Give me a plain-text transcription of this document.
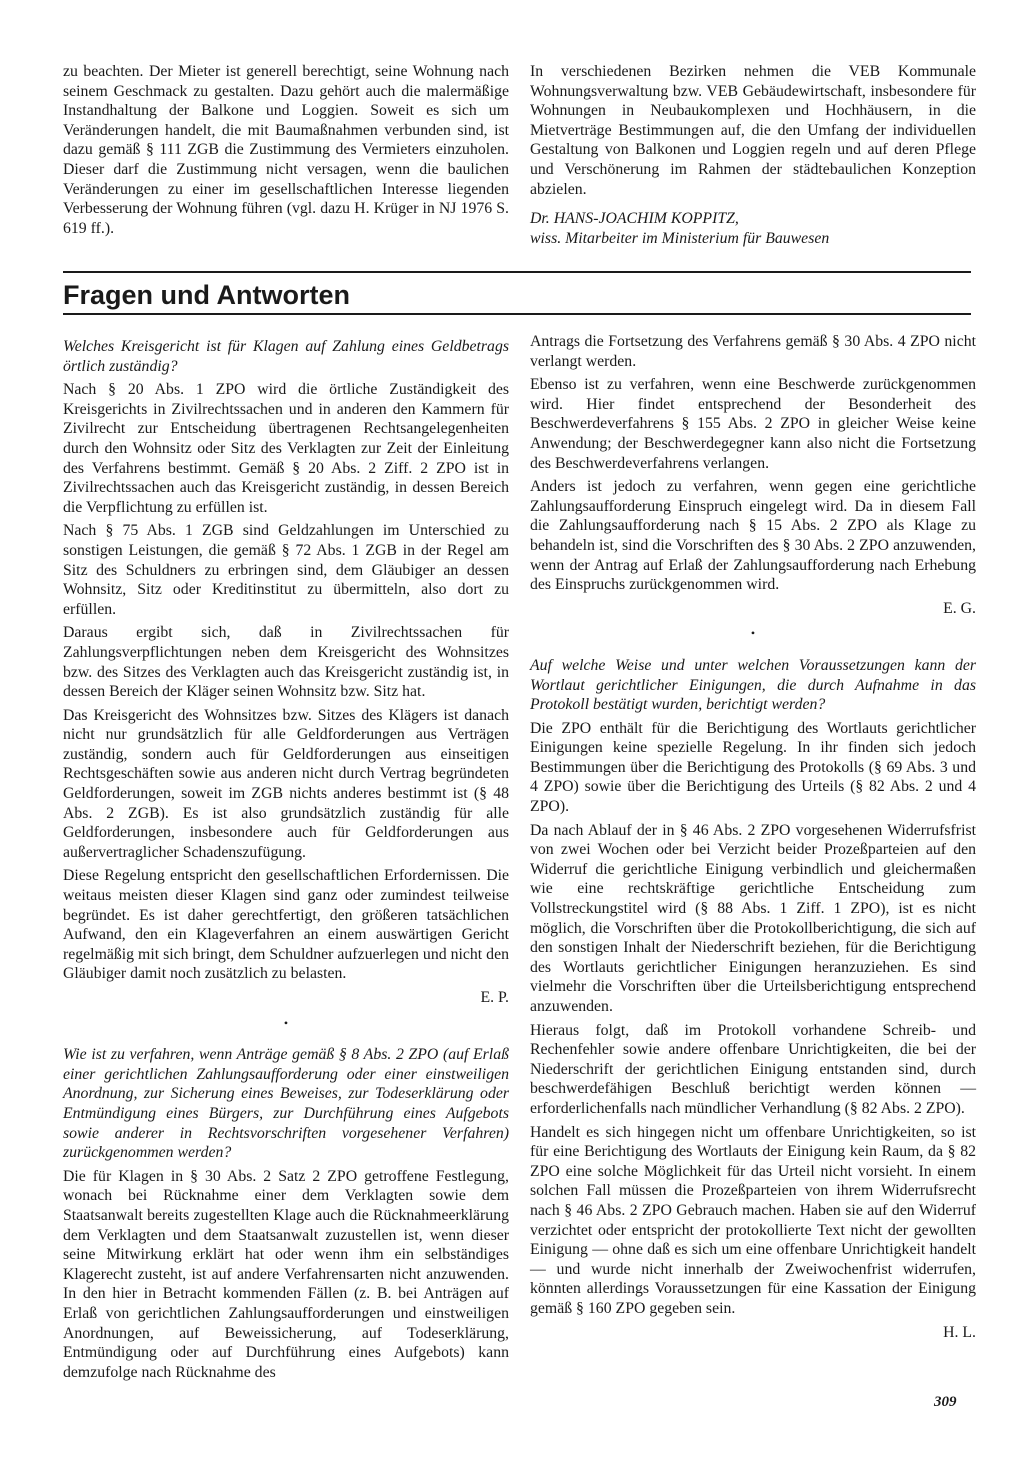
zu beachten. Der Mieter ist generell berechtigt, seine Wohnung nach seinem Geschmack zu gestalten. Dazu gehört auch die malermäßige Instandhaltung der Balkone und Loggien. Soweit es sich um Veränderungen handelt, die mit Baumaßnahmen verbunden sind, ist dazu gemäß § 111 ZGB die Zustimmung des Vermieters einzuholen. Dieser darf die Zustimmung nicht versagen, wenn die baulichen Veränderungen zu einer im gesellschaftlichen Interesse liegenden Verbesserung der Wohnung führen (vgl. dazu H. Krüger in NJ 1976 S. 619 ff.).

In verschiedenen Bezirken nehmen die VEB Kommunale Wohnungsverwaltung bzw. VEB Gebäudewirtschaft, insbesondere für Wohnungen in Neubaukomplexen und Hochhäusern, in die Mietverträge Bestimmungen auf, die den Umfang der individuellen Gestaltung von Balkonen und Loggien regeln und auf deren Pflege und Verschönerung im Rahmen der städtebaulichen Konzeption abzielen.

Dr. HANS-JOACHIM KOPPITZ,
wiss. Mitarbeiter im Ministerium für Bauwesen
Fragen und Antworten

Welches Kreisgericht ist für Klagen auf Zahlung eines Geldbetrags örtlich zuständig?

Nach § 20 Abs. 1 ZPO wird die örtliche Zuständigkeit des Kreisgerichts in Zivilrechtssachen und in anderen den Kammern für Zivilrecht zur Entscheidung übertragenen Rechtsangelegenheiten durch den Wohnsitz oder Sitz des Verklagten zur Zeit der Einleitung des Verfahrens bestimmt. Gemäß § 20 Abs. 2 Ziff. 2 ZPO ist in Zivilrechtssachen auch das Kreisgericht zuständig, in dessen Bereich die Verpflichtung zu erfüllen ist.

Nach § 75 Abs. 1 ZGB sind Geldzahlungen im Unterschied zu sonstigen Leistungen, die gemäß § 72 Abs. 1 ZGB in der Regel am Sitz des Schuldners zu erbringen sind, dem Gläubiger an dessen Wohnsitz, Sitz oder Kreditinstitut zu übermitteln, also dort zu erfüllen.

Daraus ergibt sich, daß in Zivilrechtssachen für Zahlungsverpflichtungen neben dem Kreisgericht des Wohnsitzes bzw. des Sitzes des Verklagten auch das Kreisgericht zuständig ist, in dessen Bereich der Kläger seinen Wohnsitz bzw. Sitz hat.

Das Kreisgericht des Wohnsitzes bzw. Sitzes des Klägers ist danach nicht nur grundsätzlich für alle Geldforderungen aus Verträgen zuständig, sondern auch für Geldforderungen aus einseitigen Rechtsgeschäften sowie aus anderen nicht durch Vertrag begründeten Geldforderungen, soweit im ZGB nichts anderes bestimmt ist (§ 48 Abs. 2 ZGB). Es ist also grundsätzlich zuständig für alle Geldforderungen, insbesondere auch für Geldforderungen aus außervertraglicher Schadenszufügung.

Diese Regelung entspricht den gesellschaftlichen Erfordernissen. Die weitaus meisten dieser Klagen sind ganz oder zumindest teilweise begründet. Es ist daher gerechtfertigt, den größeren tatsächlichen Aufwand, den ein Klageverfahren an einem auswärtigen Gericht regelmäßig mit sich bringt, dem Schuldner aufzuerlegen und nicht den Gläubiger damit noch zusätzlich zu belasten.

E. P.

•

Wie ist zu verfahren, wenn Anträge gemäß § 8 Abs. 2 ZPO (auf Erlaß einer gerichtlichen Zahlungsaufforderung oder einer einstweiligen Anordnung, zur Sicherung eines Beweises, zur Todeserklärung oder Entmündigung eines Bürgers, zur Durchführung eines Aufgebots sowie anderer in Rechtsvorschriften vorgesehener Verfahren) zurückgenommen werden?

Die für Klagen in § 30 Abs. 2 Satz 2 ZPO getroffene Festlegung, wonach bei Rücknahme einer dem Verklagten sowie dem Staatsanwalt bereits zugestellten Klage auch die Rücknahmeerklärung dem Verklagten und dem Staatsanwalt zuzustellen ist, wenn dieser seine Mitwirkung erklärt hat oder wenn ihm ein selbständiges Klagerecht zusteht, ist auf andere Verfahrensarten nicht anzuwenden. In den hier in Betracht kommenden Fällen (z. B. bei Anträgen auf Erlaß von gerichtlichen Zahlungsaufforderungen und einstweiligen Anordnungen, auf Beweissicherung, auf Todeserklärung, Entmündigung oder auf Durchführung eines Aufgebots) kann demzufolge nach Rücknahme des

Antrags die Fortsetzung des Verfahrens gemäß § 30 Abs. 4 ZPO nicht verlangt werden.

Ebenso ist zu verfahren, wenn eine Beschwerde zurückgenommen wird. Hier findet entsprechend der Besonderheit des Beschwerdeverfahrens § 155 Abs. 2 ZPO in gleicher Weise keine Anwendung; der Beschwerdegegner kann also nicht die Fortsetzung des Beschwerdeverfahrens verlangen.

Anders ist jedoch zu verfahren, wenn gegen eine gerichtliche Zahlungsaufforderung Einspruch eingelegt wird. Da in diesem Fall die Zahlungsaufforderung nach § 15 Abs. 2 ZPO als Klage zu behandeln ist, sind die Vorschriften des § 30 Abs. 2 ZPO anzuwenden, wenn der Antrag auf Erlaß der Zahlungsaufforderung nach Erhebung des Einspruchs zurückgenommen wird.

E. G.

•

Auf welche Weise und unter welchen Voraussetzungen kann der Wortlaut gerichtlicher Einigungen, die durch Aufnahme in das Protokoll bestätigt wurden, berichtigt werden?

Die ZPO enthält für die Berichtigung des Wortlauts gerichtlicher Einigungen keine spezielle Regelung. In ihr finden sich jedoch Bestimmungen über die Berichtigung des Protokolls (§ 69 Abs. 3 und 4 ZPO) sowie über die Berichtigung des Urteils (§ 82 Abs. 2 und 4 ZPO).

Da nach Ablauf der in § 46 Abs. 2 ZPO vorgesehenen Widerrufsfrist von zwei Wochen oder bei Verzicht beider Prozeßparteien auf den Widerruf die gerichtliche Einigung verbindlich und gleichermaßen wie eine rechtskräftige gerichtliche Entscheidung zum Vollstreckungstitel wird (§ 88 Abs. 1 Ziff. 1 ZPO), ist es nicht möglich, die Vorschriften über die Protokollberichtigung, die sich auf den sonstigen Inhalt der Niederschrift beziehen, für die Berichtigung des Wortlauts gerichtlicher Einigungen heranzuziehen. Es sind vielmehr die Vorschriften über die Urteilsberichtigung entsprechend anzuwenden.

Hieraus folgt, daß im Protokoll vorhandene Schreib- und Rechenfehler sowie andere offenbare Unrichtigkeiten, die bei der Niederschrift der gerichtlichen Einigung entstanden sind, durch beschwerdefähigen Beschluß berichtigt werden können — erforderlichenfalls nach mündlicher Verhandlung (§ 82 Abs. 2 ZPO).

Handelt es sich hingegen nicht um offenbare Unrichtigkeiten, so ist für eine Berichtigung des Wortlauts der Einigung kein Raum, da § 82 ZPO eine solche Möglichkeit für das Urteil nicht vorsieht. In einem solchen Fall müssen die Prozeßparteien von ihrem Widerrufsrecht nach § 46 Abs. 2 ZPO Gebrauch machen. Haben sie auf den Widerruf verzichtet oder entspricht der protokollierte Text nicht der gewollten Einigung — ohne daß es sich um eine offenbare Unrichtigkeit handelt — und wurde nicht innerhalb der Zweiwochenfrist widerrufen, könnten allerdings Voraussetzungen für eine Kassation der Einigung gemäß § 160 ZPO gegeben sein.

H. L.

309
